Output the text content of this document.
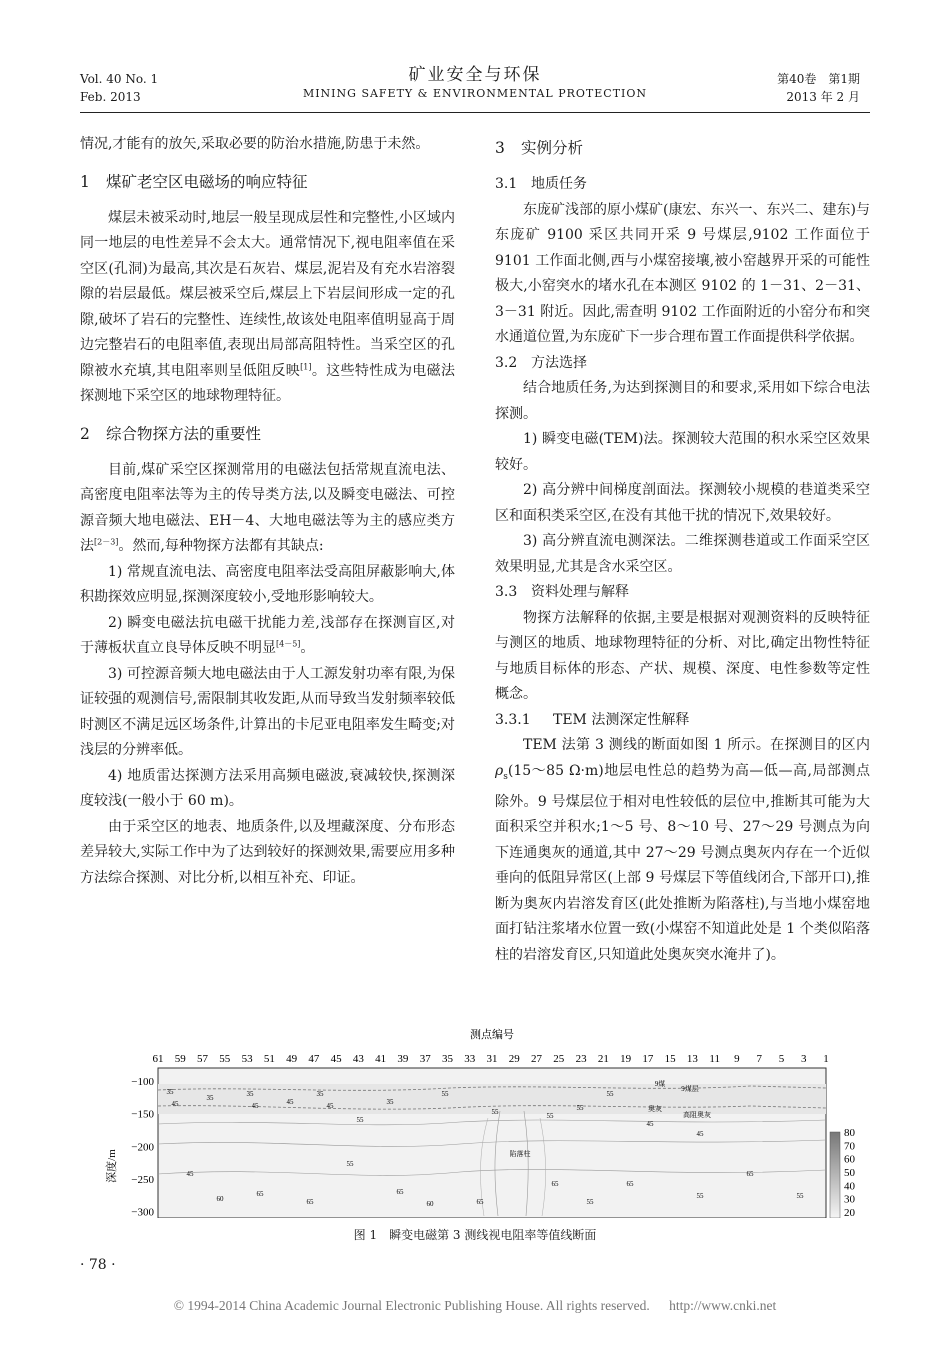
Vol. 40 No. 1
Feb. 2013
矿业安全与环保
MINING SAFETY & ENVIRONMENTAL PROTECTION
第40卷　第1期
2013 年 2 月

情况,才能有的放矢,采取必要的防治水措施,防患于未然。

1 煤矿老空区电磁场的响应特征

煤层未被采动时,地层一般呈现成层性和完整性,小区域内同一地层的电性差异不会太大。通常情况下,视电阻率值在采空区(孔洞)为最高,其次是石灰岩、煤层,泥岩及有充水岩溶裂隙的岩层最低。煤层被采空后,煤层上下岩层间形成一定的孔隙,破坏了岩石的完整性、连续性,故该处电阻率值明显高于周边完整岩石的电阻率值,表现出局部高阻特性。当采空区的孔隙被水充填,其电阻率则呈低阻反映[1]。这些特性成为电磁法探测地下采空区的地球物理特征。

2 综合物探方法的重要性

目前,煤矿采空区探测常用的电磁法包括常规直流电法、高密度电阻率法等为主的传导类方法,以及瞬变电磁法、可控源音频大地电磁法、EH－4、大地电磁法等为主的感应类方法[2－3]。然而,每种物探方法都有其缺点:

1) 常规直流电法、高密度电阻率法受高阻屏蔽影响大,体积勘探效应明显,探测深度较小,受地形影响较大。

2) 瞬变电磁法抗电磁干扰能力差,浅部存在探测盲区,对于薄板状直立良导体反映不明显[4－5]。

3) 可控源音频大地电磁法由于人工源发射功率有限,为保证较强的观测信号,需限制其收发距,从而导致当发射频率较低时测区不满足远区场条件,计算出的卡尼亚电阻率发生畸变;对浅层的分辨率低。

4) 地质雷达探测方法采用高频电磁波,衰减较快,探测深度较浅(一般小于 60 m)。

由于采空区的地表、地质条件,以及埋藏深度、分布形态差异较大,实际工作中为了达到较好的探测效果,需要应用多种方法综合探测、对比分析,以相互补充、印证。

3 实例分析

3.1 地质任务

东庞矿浅部的原小煤矿(康宏、东兴一、东兴二、建东)与东庞矿 9100 采区共同开采 9 号煤层,9102 工作面位于 9101 工作面北侧,西与小煤窑接壤,被小窑越界开采的可能性极大,小窑突水的堵水孔在本测区 9102 的 1－31、2－31、3－31 附近。因此,需查明 9102 工作面附近的小窑分布和突水通道位置,为东庞矿下一步合理布置工作面提供科学依据。

3.2 方法选择

结合地质任务,为达到探测目的和要求,采用如下综合电法探测。

1) 瞬变电磁(TEM)法。探测较大范围的积水采空区效果较好。

2) 高分辨中间梯度剖面法。探测较小规模的巷道类采空区和面积类采空区,在没有其他干扰的情况下,效果较好。

3) 高分辨直流电测深法。二维探测巷道或工作面采空区效果明显,尤其是含水采空区。

3.3 资料处理与解释

物探方法解释的依据,主要是根据对观测资料的反映特征与测区的地质、地球物理特征的分析、对比,确定出物性特征与地质目标体的形态、产状、规模、深度、电性参数等定性概念。

3.3.1 TEM 法测深定性解释

TEM 法第 3 测线的断面如图 1 所示。在探测目的区内$\rho_s(15\sim 85$ Ω·m)地层电性总的趋势为高—低—高,局部测点除外。9 号煤层位于相对电性较低的层位中,推断其可能为大面积采空并积水;1～5 号、8～10 号、27～29 号测点为向下连通奥灰的通道,其中 27～29 号测点奥灰内存在一个近似垂向的低阻异常区(上部 9 号煤层下等值线闭合,下部开口),推断为奥灰内岩溶发育区(此处推断为陷落柱),与当地小煤窑地面打钻注浆堵水位置一致(小煤窑不知道此处是 1 个类似陷落柱的岩溶发育区,只知道此处奥灰突水淹井了)。

深度/m
测点编号
61 59 57 55 53 51 49 47 45 43 41 39 37 35 33 31 29 27 25 23 21 19 17 15 13 11 9 7 5 3 1
−100
−150
−200
−250
−300
80
70
60
50
40
30
20
9煤
9煤层
奥灰
高阻奥灰
陷落柱
35
45
35	35
45	45
35
45
55
35
55
55	55
55
55
45
45
45
60
65
65
55
65
60	65
65
55
65
55
65
55
图 1　瞬变电磁第 3 测线视电阻率等值线断面
· 78 ·
© 1994-2014 China Academic Journal Electronic Publishing House. All rights reserved. http://www.cnki.net
